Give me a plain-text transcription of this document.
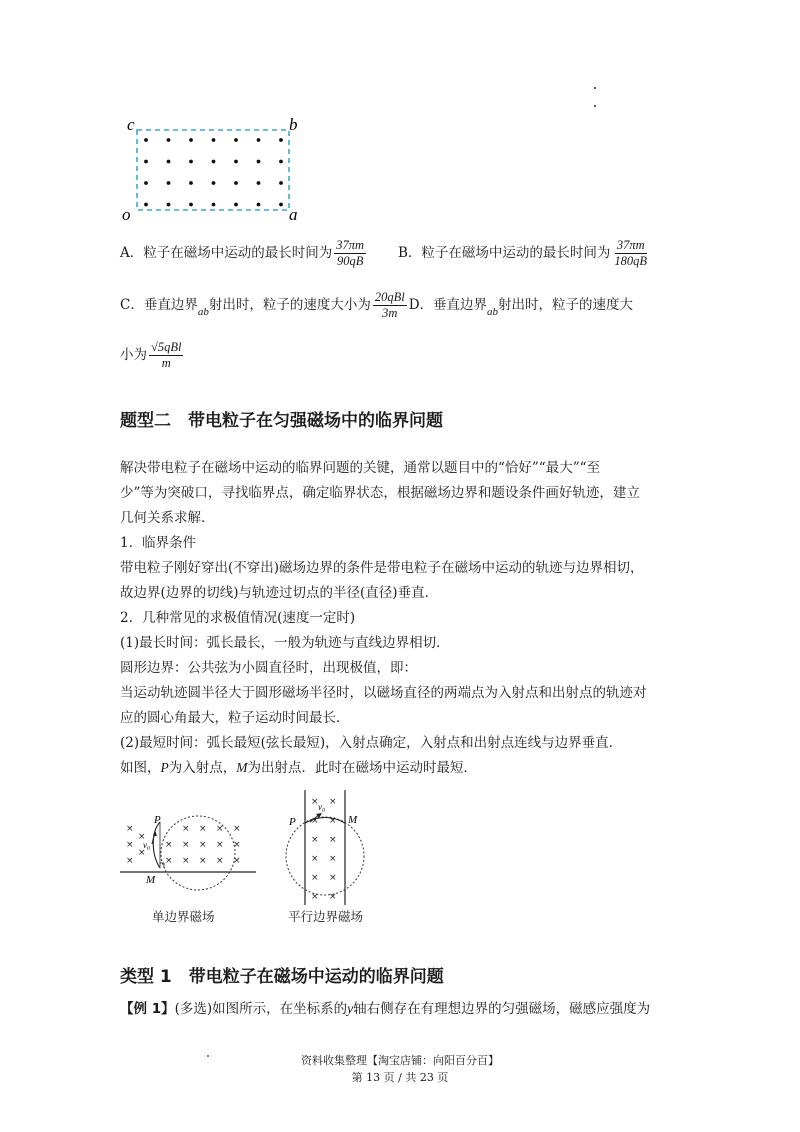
c	b
o	a
A．粒子在磁场中运动的最长时间为 $\frac{37\pi m}{90qB}$ B．粒子在磁场中运动的最长时间为 $\frac{37\pi m}{180qB}$
C．垂直边界$_{ab}$射出时，粒子的速度大小为 $\frac{\text{20qBl}}{3m}$ D．垂直边界$_{ab}$射出时，粒子的速度大
小为 $\frac{\text{√5qBl}}{m}$
题型二　带电粒子在匀强磁场中的临界问题
解决带电粒子在磁场中运动的临界问题的关键，通常以题目中的“恰好”“最大”“至
少”等为突破口，寻找临界点，确定临界状态，根据磁场边界和题设条件画好轨迹，建立
几何关系求解．
1．临界条件
带电粒子刚好穿出(不穿出)磁场边界的条件是带电粒子在磁场中运动的轨迹与边界相切，
故边界(边界的切线)与轨迹过切点的半径(直径)垂直．
2．几种常见的求极值情况(速度一定时)
(1)最长时间：弧长最长，一般为轨迹与直线边界相切．
圆形边界：公共弦为小圆直径时，出现极值，即：
当运动轨迹圆半径大于圆形磁场半径时，以磁场直径的两端点为入射点和出射点的轨迹对
应的圆心角最大，粒子运动时间最长．
(2)最短时间：弧长最短(弦长最短)，入射点确定，入射点和出射点连线与边界垂直．
如图，P为入射点，M为出射点．此时在磁场中运动时最短．
×
×
×
×
×
× × × ×
× × × × ×
× × × × ×
P
v₀
M
单边界磁场
× ×
× ×
× ×
× ×
× ×
× ×
P	M
v₀
平行边界磁场
类型 1　带电粒子在磁场中运动的临界问题
【例 1】(多选)如图所示，在坐标系的y轴右侧存在有理想边界的匀强磁场，磁感应强度为
资料收集整理【淘宝店铺：向阳百分百】
第 13 页 / 共 23 页
